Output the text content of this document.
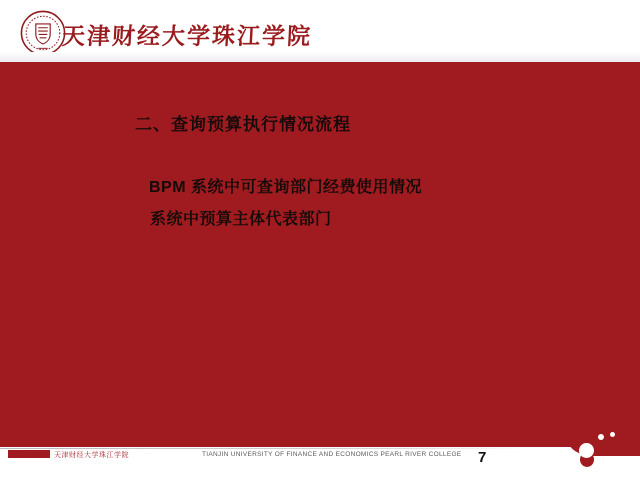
天津财经大学珠江学院
二、查询预算执行情况流程
BPM 系统中可查询部门经费使用情况
系统中预算主体代表部门
天津财经大学珠江学院	TIANJIN UNIVERSITY OF FINANCE AND ECONOMICS PEARL RIVER COLLEGE 7
